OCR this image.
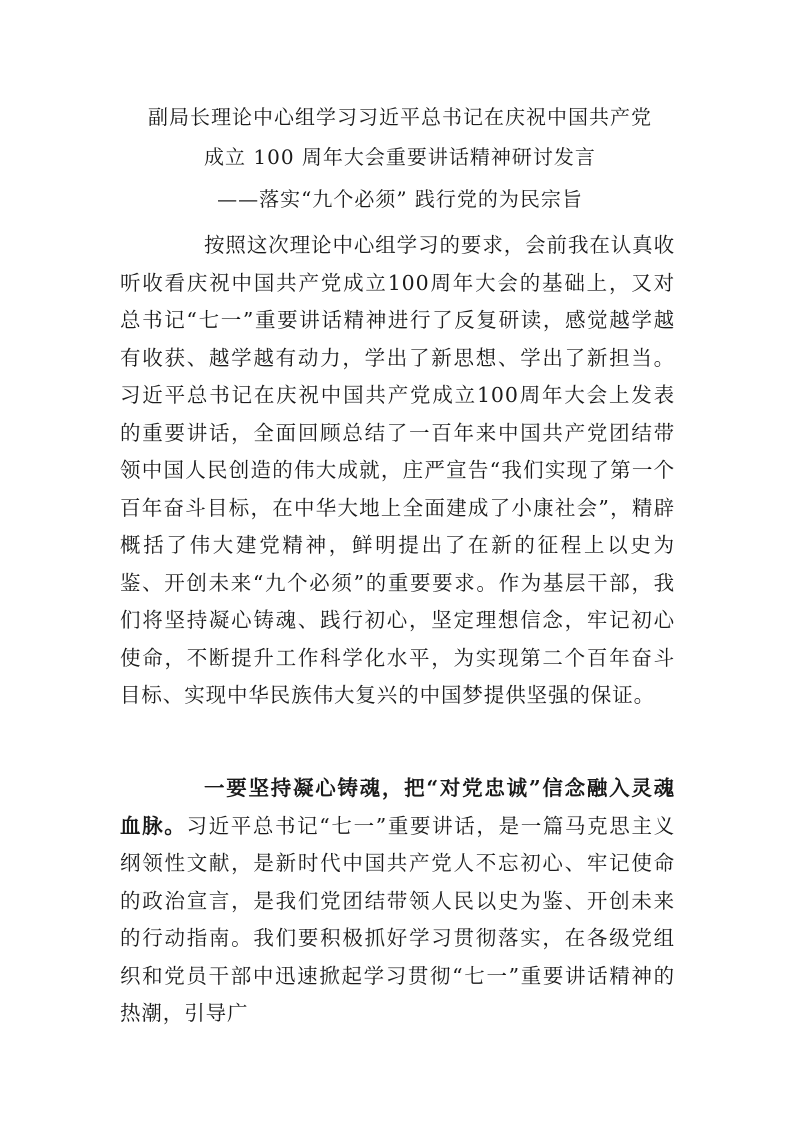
副局长理论中心组学习习近平总书记在庆祝中国共产党
成立 100 周年大会重要讲话精神研讨发言
——落实“九个必须” 践行党的为民宗旨
按照这次理论中心组学习的要求，会前我在认真收听收看庆祝中国共产党成立100周年大会的基础上，又对总书记“七一”重要讲话精神进行了反复研读，感觉越学越有收获、越学越有动力，学出了新思想、学出了新担当。习近平总书记在庆祝中国共产党成立100周年大会上发表的重要讲话，全面回顾总结了一百年来中国共产党团结带领中国人民创造的伟大成就，庄严宣告“我们实现了第一个百年奋斗目标，在中华大地上全面建成了小康社会”，精辟概括了伟大建党精神，鲜明提出了在新的征程上以史为鉴、开创未来“九个必须”的重要要求。作为基层干部，我们将坚持凝心铸魂、践行初心，坚定理想信念，牢记初心使命，不断提升工作科学化水平，为实现第二个百年奋斗目标、实现中华民族伟大复兴的中国梦提供坚强的保证。
一要坚持凝心铸魂，把“对党忠诚”信念融入灵魂血脉。习近平总书记“七一”重要讲话，是一篇马克思主义纲领性文献，是新时代中国共产党人不忘初心、牢记使命的政治宣言，是我们党团结带领人民以史为鉴、开创未来的行动指南。我们要积极抓好学习贯彻落实，在各级党组织和党员干部中迅速掀起学习贯彻“七一”重要讲话精神的热潮，引导广
